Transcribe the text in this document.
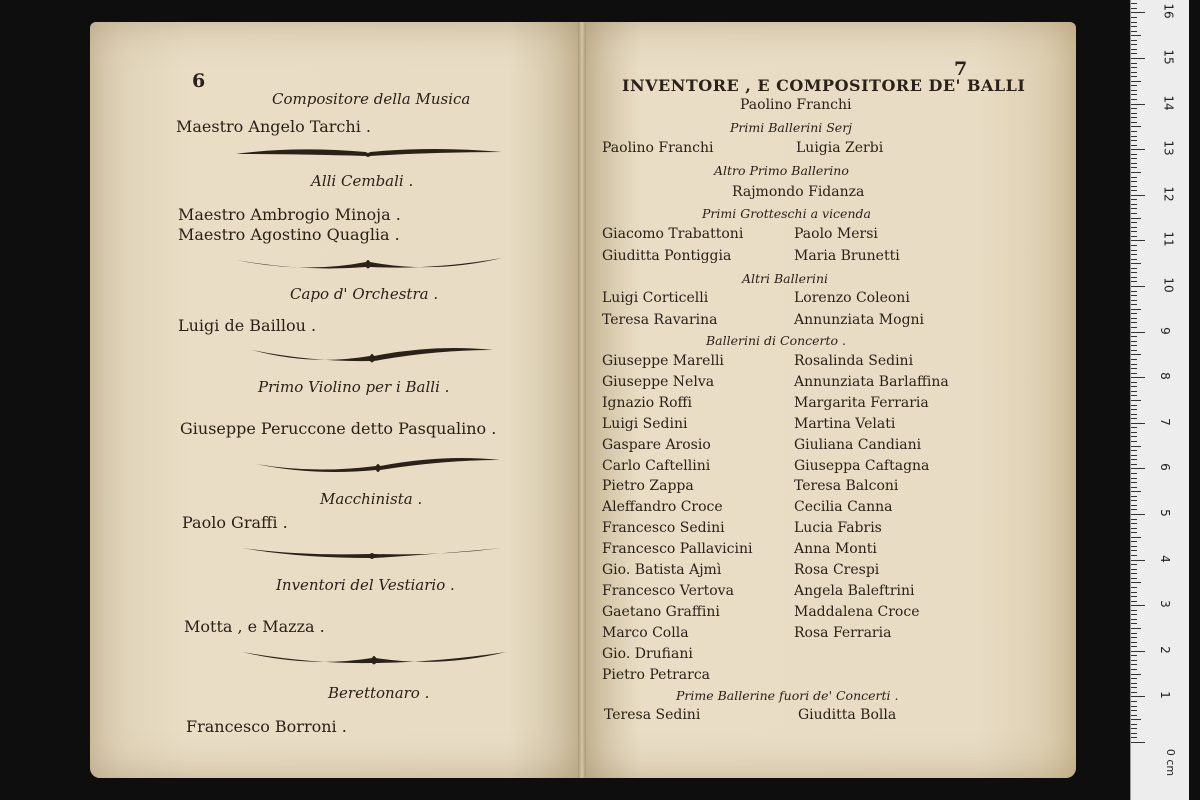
6
Compositore della Musica
Maestro Angelo Tarchi .
Alli Cembali .
Maestro Ambrogio Minoja .
Maestro Agostino Quaglia .
Capo d' Orchestra .
Luigi de Baillou .
Primo Violino per i Balli .
Giuseppe Peruccone detto Pasqualino .
Macchinista .
Paolo Graffi .
Inventori del Vestiario .
Motta , e Mazza .
Berettonaro .
Francesco Borroni .
7
INVENTORE , E COMPOSITORE DE' BALLI
Paolino Franchi
Primi Ballerini Serj
Paolino Franchi	Luigia Zerbi
Altro Primo Ballerino
Rajmondo Fidanza
Primi Grotteschi a vicenda
Giacomo Trabattoni	Paolo Mersi
Giuditta Pontiggia	Maria Brunetti
Altri Ballerini
Luigi Corticelli	Lorenzo Coleoni
Teresa Ravarina	Annunziata Mogni
Ballerini di Concerto .
Giuseppe Marelli	Rosalinda Sedini
Giuseppe Nelva	Annunziata Barlaffina
Ignazio Roffi	Margarita Ferraria
Luigi Sedini	Martina Velati
Gaspare Arosio	Giuliana Candiani
Carlo Caftellini	Giuseppa Caftagna
Pietro Zappa	Teresa Balconi
Aleffandro Croce	Cecilia Canna
Francesco Sedini	Lucia Fabris
Francesco Pallavicini	Anna Monti
Gio. Batista Ajmì	Rosa Crespi
Francesco Vertova	Angela Baleftrini
Gaetano Graffini	Maddalena Croce
Marco Colla	Rosa Ferraria
Gio. Drufiani
Pietro Petrarca
Prime Ballerine fuori de' Concerti .
Teresa Sedini	Giuditta Bolla
0 cm
1
2
3
4
5
6
7
8
9
10
11
12
13
14
15
16
